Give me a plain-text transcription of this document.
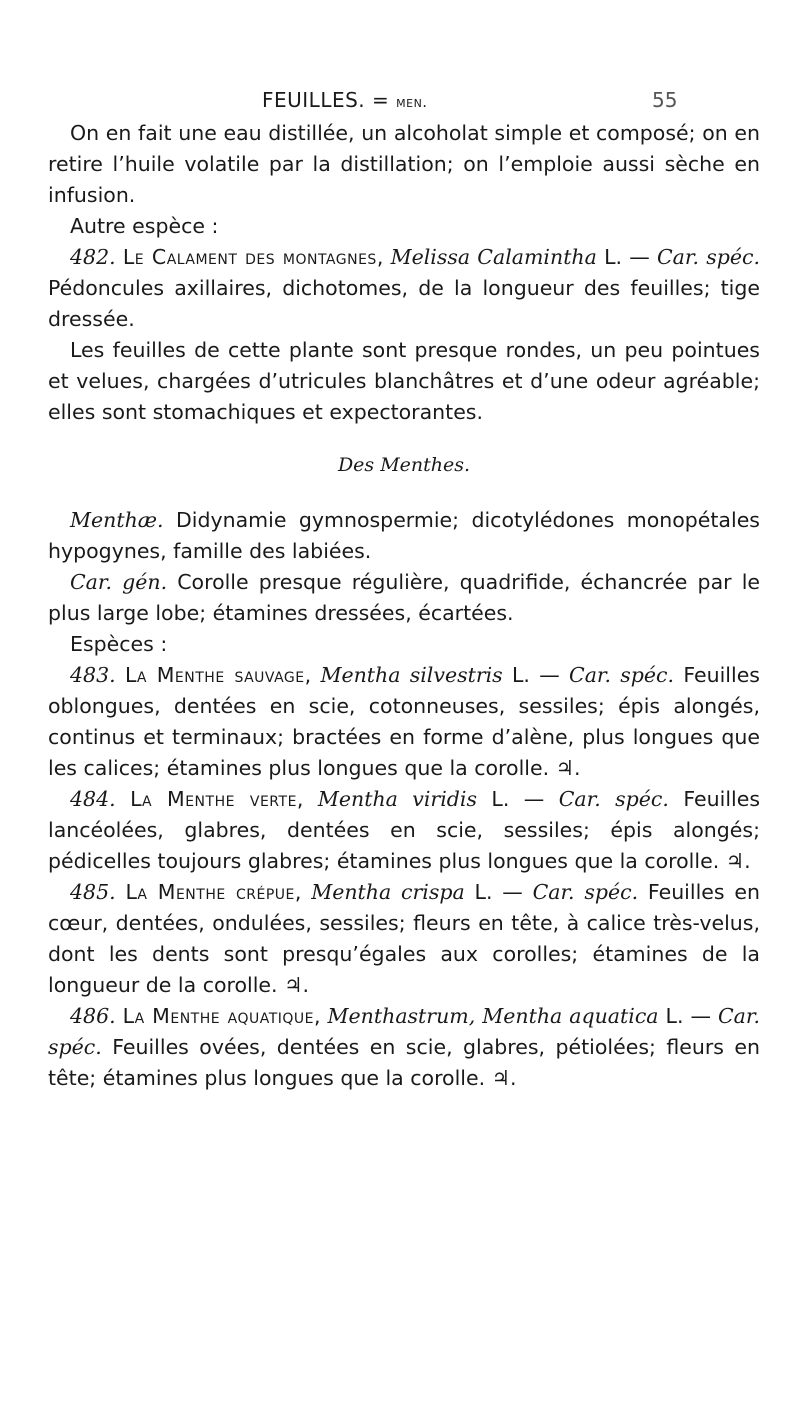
FEUILLES. = men.	55

On en fait une eau distillée, un alcoholat simple et composé; on en retire l’huile volatile par la distillation; on l’emploie aussi sèche en infusion.

Autre espèce :

482. Le Calament des montagnes, Melissa Calamintha L. — Car. spéc. Pédoncules axillaires, dichotomes, de la longueur des feuilles; tige dressée.

Les feuilles de cette plante sont presque rondes, un peu pointues et velues, chargées d’utricules blanchâtres et d’une odeur agréable; elles sont stomachiques et expectorantes.

Des Menthes.

Menthæ. Didynamie gymnospermie; dicotylédones monopétales hypogynes, famille des labiées.

Car. gén. Corolle presque régulière, quadrifide, échancrée par le plus large lobe; étamines dressées, écartées.

Espèces :

483. La Menthe sauvage, Mentha silvestris L. — Car. spéc. Feuilles oblongues, dentées en scie, cotonneuses, sessiles; épis alongés, continus et terminaux; bractées en forme d’alène, plus longues que les calices; étamines plus longues que la corolle. ♃.

484. La Menthe verte, Mentha viridis L. — Car. spéc. Feuilles lancéolées, glabres, dentées en scie, sessiles; épis alongés; pédicelles toujours glabres; étamines plus longues que la corolle. ♃.

485. La Menthe crépue, Mentha crispa L. — Car. spéc. Feuilles en cœur, dentées, ondulées, sessiles; fleurs en tête, à calice très-velus, dont les dents sont presqu’égales aux corolles; étamines de la longueur de la corolle. ♃.

486. La Menthe aquatique, Menthastrum, Mentha aquatica L. — Car. spéc. Feuilles ovées, dentées en scie, glabres, pétiolées; fleurs en tête; étamines plus longues que la corolle. ♃.
